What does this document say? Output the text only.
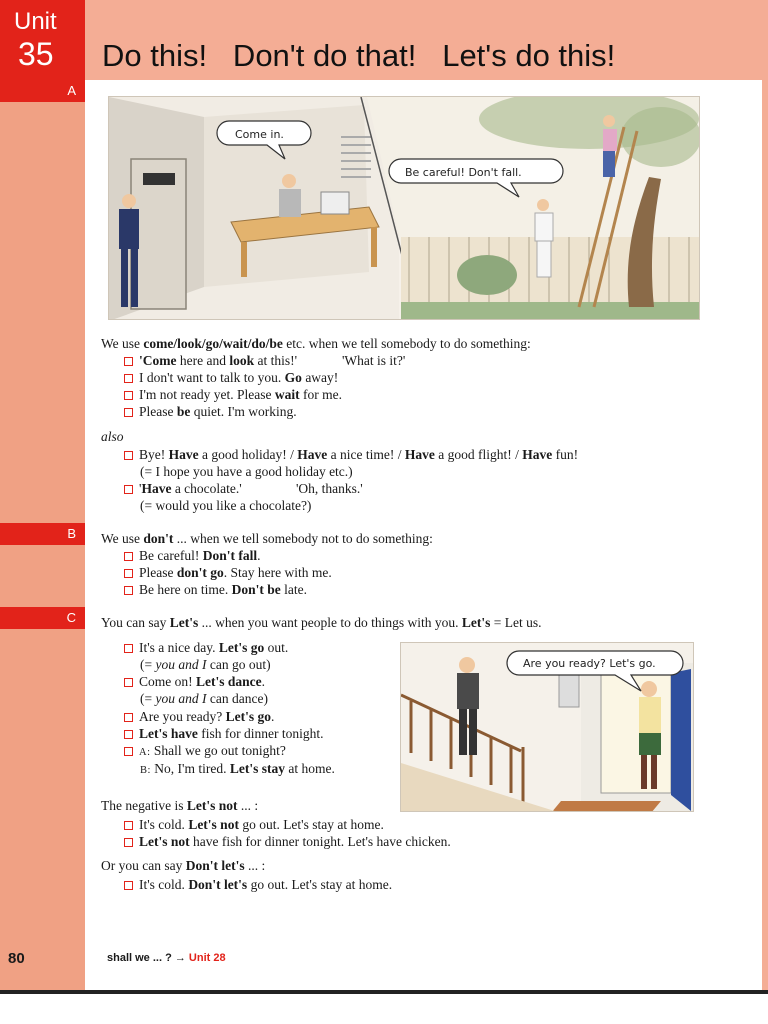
Unit
35 Do this!   Don't do that!   Let's do this!
A
B
C
Come in.
Be careful! Don't fall.
We use come/look/go/wait/do/be etc. when we tell somebody to do something:
'Come here and look at this!'	'What is it?'
I don't want to talk to you. Go away!
I'm not ready yet. Please wait for me.
Please be quiet. I'm working.
also
Bye! Have a good holiday! / Have a nice time! / Have a good flight! / Have fun!
(= I hope you have a good holiday etc.)
'Have a chocolate.'	'Oh, thanks.'
(= would you like a chocolate?)
We use don't ... when we tell somebody not to do something:
Be careful! Don't fall.
Please don't go. Stay here with me.
Be here on time. Don't be late.
You can say Let's ... when you want people to do things with you. Let's = Let us.
Are you ready? Let's go.
It's a nice day. Let's go out.
(= you and I can go out)
Come on! Let's dance.
(= you and I can dance)
Are you ready? Let's go.
Let's have fish for dinner tonight.
A: Shall we go out tonight?
B: No, I'm tired. Let's stay at home.
The negative is Let's not ... :
It's cold. Let's not go out. Let's stay at home.
Let's not have fish for dinner tonight. Let's have chicken.
Or you can say Don't let's ... :
It's cold. Don't let's go out. Let's stay at home.
80	shall we ... ? → Unit 28
